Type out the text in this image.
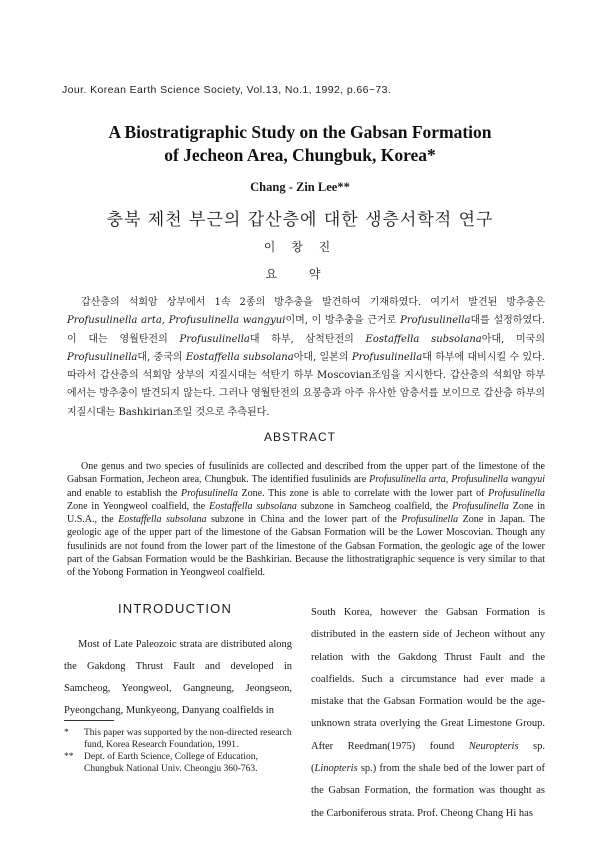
Jour. Korean Earth Science Society, Vol.13, No.1, 1992, p.66~73.
A Biostratigraphic Study on the Gabsan Formation
of Jecheon Area, Chungbuk, Korea*
Chang - Zin Lee**
충북 제천 부근의 갑산층에 대한 생층서학적 연구
이 창 진
요 약

갑산층의 석회암 상부에서 1속 2종의 방추충을 발견하여 기재하였다. 여기서 발견된 방추충은 Profusulinella arta, Profusulinella wangyui이며, 이 방추충을 근거로 Profusulinella대를 설정하였다. 이 대는 영월탄전의 Profusulinella대 하부, 삼척탄전의 Eostaffella subsolana아대, 미국의 Profusulinella대, 중국의 Eostaffella subsolana아대, 일본의 Profusulinella대 하부에 대비시킬 수 있다. 따라서 갑산층의 석회암 상부의 지질시대는 석탄기 하부 Moscovian조임을 지시한다. 갑산층의 석회암 하부에서는 방추충이 발견되지 않는다. 그러나 영월탄전의 요봉층과 아주 유사한 암층서를 보이므로 갑산층 하부의 지질시대는 Bashkirian조일 것으로 추측된다.

ABSTRACT

One genus and two species of fusulinids are collected and described from the upper part of the limestone of the Gabsan Formation, Jecheon area, Chungbuk. The identified fusulinids are Profusulinella arta, Profusulinella wangyui and enable to establish the Profusulinella Zone. This zone is able to correlate with the lower part of Profusulinella Zone in Yeongweol coalfield, the Eostaffella subsolana subzone in Samcheog coalfield, the Profusulinella Zone in U.S.A., the Eostaffella subsolana subzone in China and the lower part of the Profusulinella Zone in Japan. The geologic age of the upper part of the limestone of the Gabsan Formation will be the Lower Moscovian. Though any fusulinids are not found from the lower part of the limestone of the Gabsan Formation, the geologic age of the lower part of the Gabsan Formation would be the Bashkirian. Because the lithostratigraphic sequence is very similar to that of the Yobong Formation in Yeongweol coalfield.

INTRODUCTION

Most of Late Paleozoic strata are distributed along the Gakdong Thrust Fault and developed in Samcheog, Yeongweol, Gangneung, Jeongseon, Pyeongchang, Munkyeong, Danyang coalfields in

*	This paper was supported by the non-directed research fund, Korea Research Foundation, 1991.
**	Dept. of Earth Science, College of Education, Chungbuk National Univ. Cheongju 360-763.

South Korea, however the Gabsan Formation is distributed in the eastern side of Jecheon without any relation with the Gakdong Thrust Fault and the coalfields. Such a circumstance had ever made a mistake that the Gabsan Formation would be the age-unknown strata overlying the Great Limestone Group. After Reedman(1975) found Neuropteris sp. (Linopteris sp.) from the shale bed of the lower part of the Gabsan Formation, the formation was thought as the Carboniferous strata. Prof. Cheong Chang Hi has
